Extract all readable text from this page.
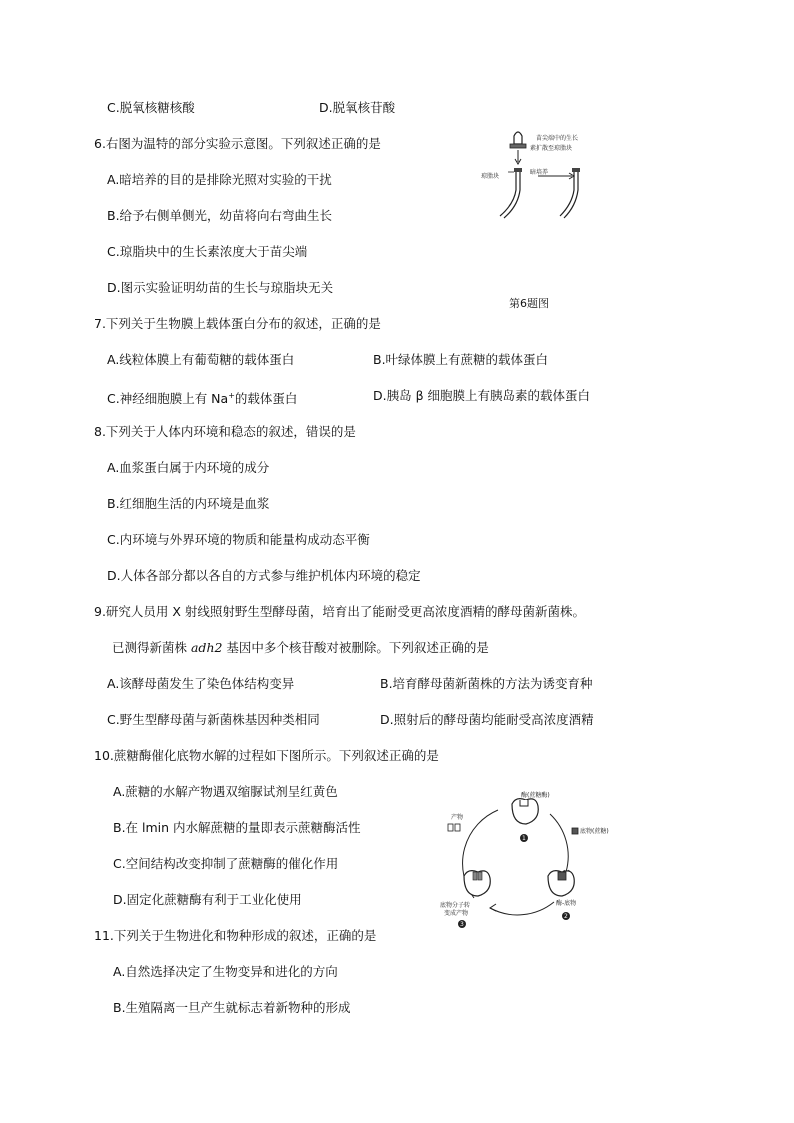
C.脱氧核糖核酸	D.脱氧核苷酸
6.右图为温特的部分实验示意图。下列叙述正确的是
A.暗培养的目的是排除光照对实验的干扰
B.给予右侧单侧光，幼苗将向右弯曲生长
C.琼脂块中的生长素浓度大于苗尖端
D.图示实验证明幼苗的生长与琼脂块无关
苗尖端中的生长
素扩散至琼脂块
琼脂块
暗培养
第6题图
7.下列关于生物膜上载体蛋白分布的叙述，正确的是
A.线粒体膜上有葡萄糖的载体蛋白	B.叶绿体膜上有蔗糖的载体蛋白
C.神经细胞膜上有 Na+的载体蛋白	D.胰岛 β 细胞膜上有胰岛素的载体蛋白
8.下列关于人体内环境和稳态的叙述，错误的是
A.血浆蛋白属于内环境的成分
B.红细胞生活的内环境是血浆
C.内环境与外界环境的物质和能量构成动态平衡
D.人体各部分都以各自的方式参与维护机体内环境的稳定
9.研究人员用 X 射线照射野生型酵母菌，培育出了能耐受更高浓度酒精的酵母菌新菌株。
已测得新菌株 adh2 基因中多个核苷酸对被删除。下列叙述正确的是
A.该酵母菌发生了染色体结构变异	B.培育酵母菌新菌株的方法为诱变育种
C.野生型酵母菌与新菌株基因种类相同	D.照射后的酵母菌均能耐受高浓度酒精
10.蔗糖酶催化底物水解的过程如下图所示。下列叙述正确的是
A.蔗糖的水解产物遇双缩脲试剂呈红黄色
B.在 lmin 内水解蔗糖的量即表示蔗糖酶活性
C.空间结构改变抑制了蔗糖酶的催化作用
D.固定化蔗糖酶有利于工业化使用
酶(蔗糖酶)
底物(蔗糖)
产物
酶-底物
底物分子转
变成产物
1
2
3
11.下列关于生物进化和物种形成的叙述，正确的是
A.自然选择决定了生物变异和进化的方向
B.生殖隔离一旦产生就标志着新物种的形成
